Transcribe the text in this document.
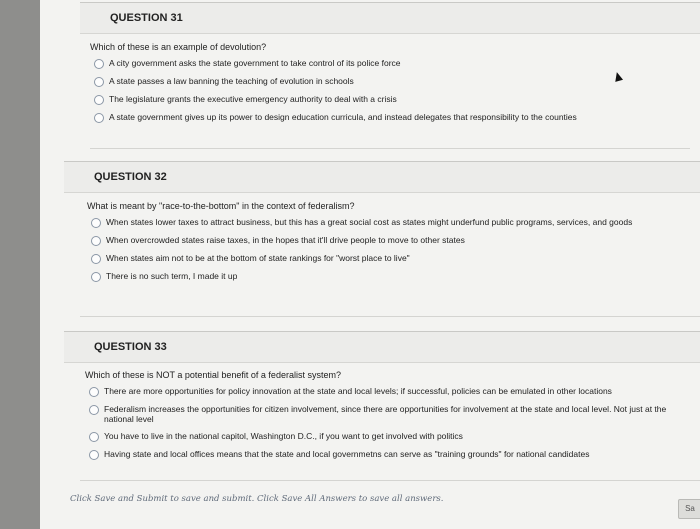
QUESTION 31
Which of these is an example of devolution?
A city government asks the state government to take control of its police force
A state passes a law banning the teaching of evolution in schools
The legislature grants the executive emergency authority to deal with a crisis
A state government gives up its power to design education curricula, and instead delegates that responsibility to the counties
QUESTION 32
What is meant by "race-to-the-bottom" in the context of federalism?
When states lower taxes to attract business, but this has a great social cost as states might underfund public programs, services, and goods
When overcrowded states raise taxes, in the hopes that it'll drive people to move to other states
When states aim not to be at the bottom of state rankings for "worst place to live"
There is no such term, I made it up
QUESTION 33
Which of these is NOT a potential benefit of a federalist system?
There are more opportunities for policy innovation at the state and local levels; if successful, policies can be emulated in other locations
Federalism increases the opportunities for citizen involvement, since there are opportunities for involvement at the state and local level. Not just at the national level
You have to live in the national capitol, Washington D.C., if you want to get involved with politics
Having state and local offices means that the state and local governmetns can serve as "training grounds" for national candidates
Click Save and Submit to save and submit. Click Save All Answers to save all answers.
Sa
